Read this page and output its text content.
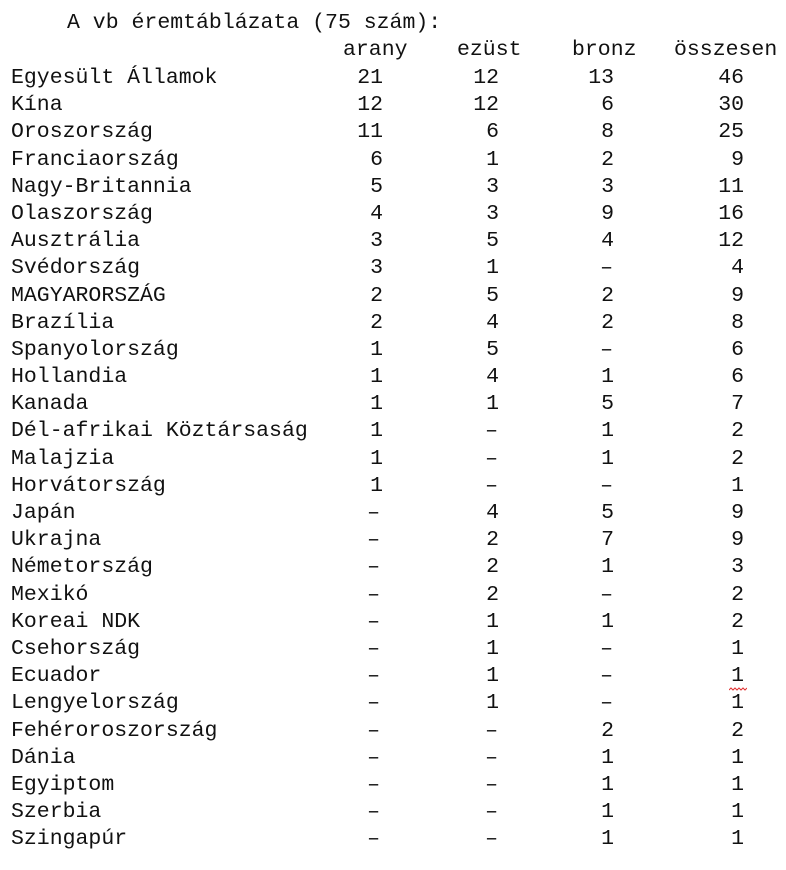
A vb éremtáblázata (75 szám):
arany ezüst bronz összesen
Egyesült Államok	21	12	13	46
Kína	12	12	6	30
Oroszország	11	6	8	25
Franciaország	6	1	2	9
Nagy-Britannia	5	3	3	11
Olaszország	4	3	9	16
Ausztrália	3	5	4	12
Svédország	3	1	–	4
MAGYARORSZÁG	2	5	2	9
Brazília	2	4	2	8
Spanyolország	1	5	–	6
Hollandia	1	4	1	6
Kanada	1	1	5	7
Dél-afrikai Köztársaság	1	–	1	2
Malajzia	1	–	1	2
Horvátország	1	–	–	1
Japán	–	4	5	9
Ukrajna	–	2	7	9
Németország	–	2	1	3
Mexikó	–	2	–	2
Koreai NDK	–	1	1	2
Csehország	–	1	–	1
Ecuador	–	1	–	1
Lengyelország	–	1	–	1
Fehéroroszország	–	–	2	2
Dánia	–	–	1	1
Egyiptom	–	–	1	1
Szerbia	–	–	1	1
Szingapúr	–	–	1	1
